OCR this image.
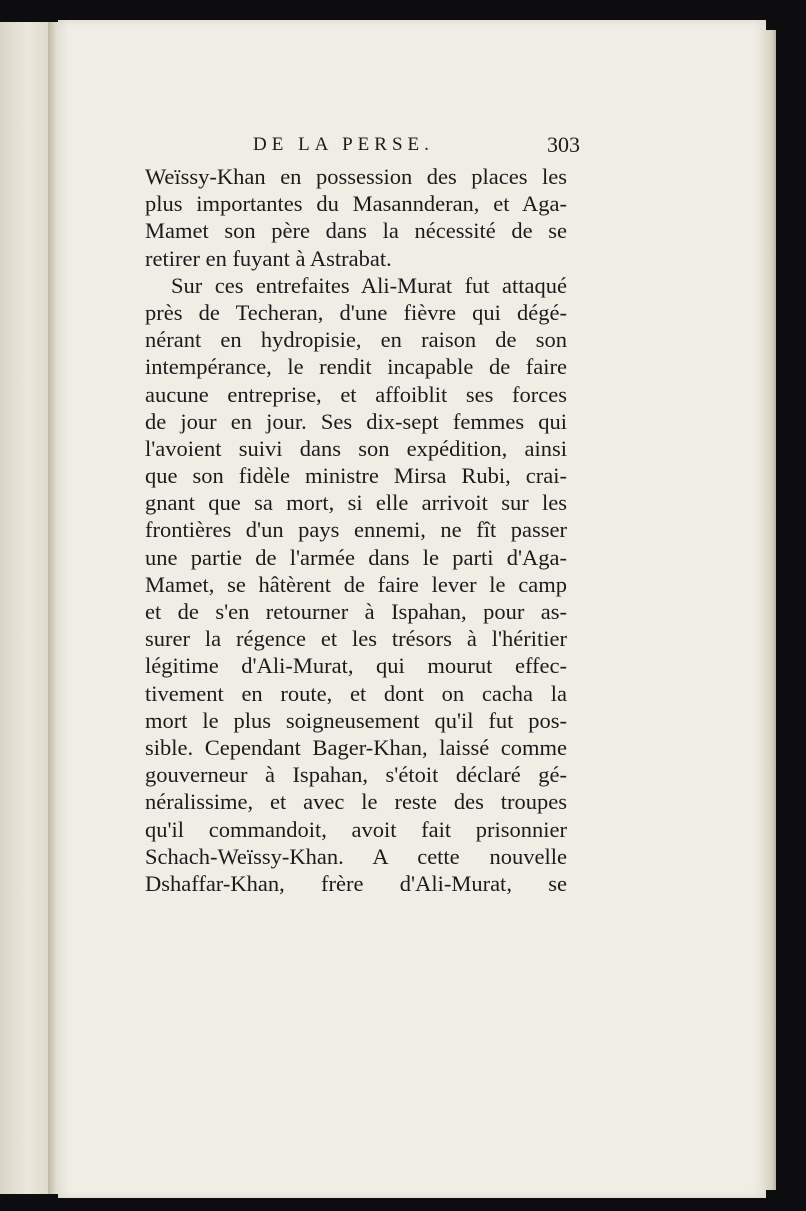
DE LA PERSE.	303
Weïssy-Khan en possession des places les
plus importantes du Masannderan, et Aga-
Mamet son père dans la nécessité de se
retirer en fuyant à Astrabat.
Sur ces entrefaites Ali-Murat fut attaqué
près de Techeran, d'une fièvre qui dégé-
nérant en hydropisie, en raison de son
intempérance, le rendit incapable de faire
aucune entreprise, et affoiblit ses forces
de jour en jour. Ses dix-sept femmes qui
l'avoient suivi dans son expédition, ainsi
que son fidèle ministre Mirsa Rubi, crai-
gnant que sa mort, si elle arrivoit sur les
frontières d'un pays ennemi, ne fît passer
une partie de l'armée dans le parti d'Aga-
Mamet, se hâtèrent de faire lever le camp
et de s'en retourner à Ispahan, pour as-
surer la régence et les trésors à l'héritier
légitime d'Ali-Murat, qui mourut effec-
tivement en route, et dont on cacha la
mort le plus soigneusement qu'il fut pos-
sible. Cependant Bager-Khan, laissé comme
gouverneur à Ispahan, s'étoit déclaré gé-
néralissime, et avec le reste des troupes
qu'il commandoit, avoit fait prisonnier
Schach-Weïssy-Khan. A cette nouvelle
Dshaffar-Khan, frère d'Ali-Murat, se
